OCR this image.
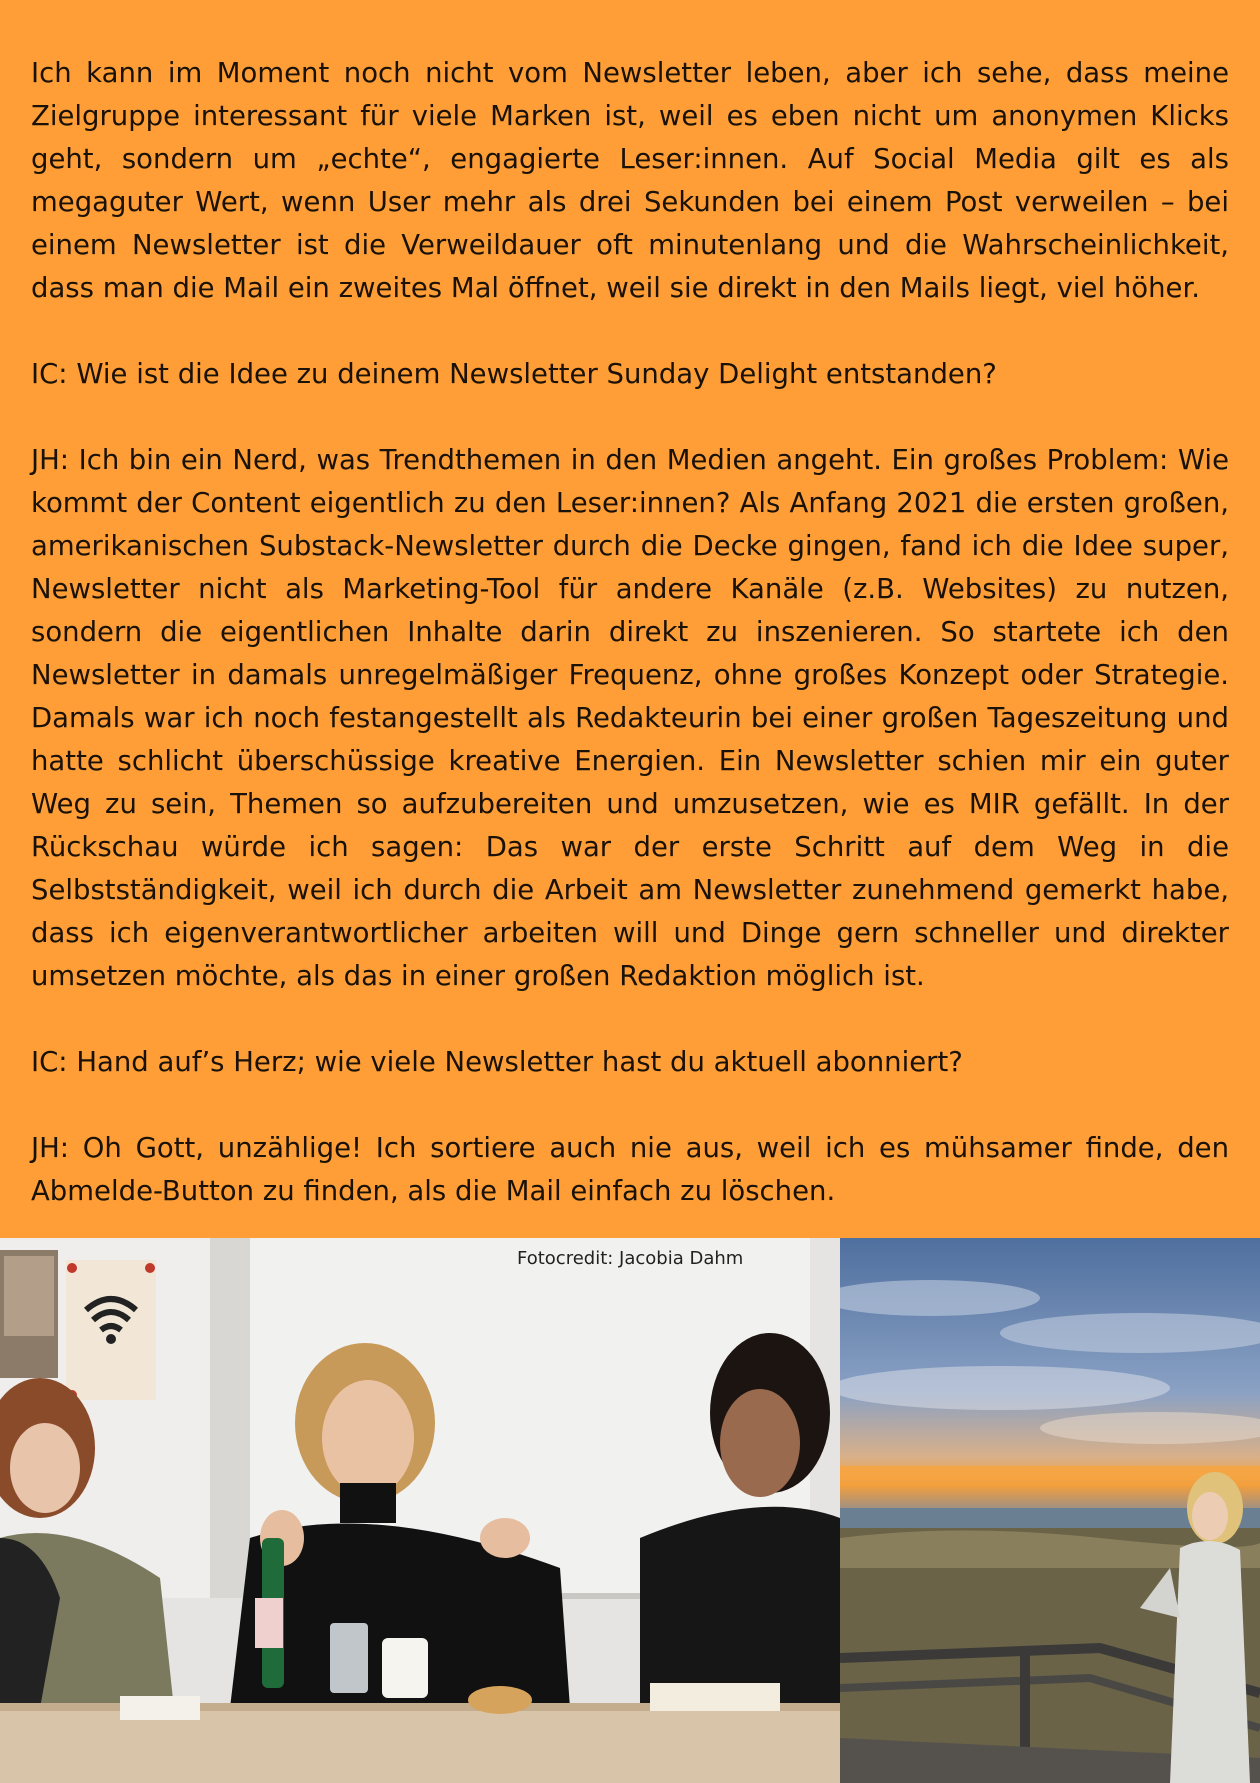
Ich kann im Moment noch nicht vom Newsletter leben, aber ich sehe, dass meine Zielgruppe interessant für viele Marken ist, weil es eben nicht um anonymen Klicks geht, sondern um „echte“, engagierte Leser:innen. Auf Social Media gilt es als megaguter Wert, wenn User mehr als drei Sekunden bei einem Post verweilen – bei einem Newsletter ist die Verweildauer oft minutenlang und die Wahrscheinlichkeit, dass man die Mail ein zweites Mal öffnet, weil sie direkt in den Mails liegt, viel höher.

IC: Wie ist die Idee zu deinem Newsletter Sunday Delight entstanden?

JH: Ich bin ein Nerd, was Trendthemen in den Medien angeht. Ein großes Problem: Wie kommt der Content eigentlich zu den Leser:innen? Als Anfang 2021 die ersten großen, amerikanischen Substack-Newsletter durch die Decke gingen, fand ich die Idee super, Newsletter nicht als Marketing-Tool für andere Kanäle (z.B. Websites) zu nutzen, sondern die eigentlichen Inhalte darin direkt zu inszenieren. So startete ich den Newsletter in damals unregelmäßiger Frequenz, ohne großes Konzept oder Strategie. Damals war ich noch festangestellt als Redakteurin bei einer großen Tageszeitung und hatte schlicht überschüssige kreative Energien. Ein Newsletter schien mir ein guter Weg zu sein, Themen so aufzubereiten und umzusetzen, wie es MIR gefällt. In der Rückschau würde ich sagen: Das war der erste Schritt auf dem Weg in die Selbstständigkeit, weil ich durch die Arbeit am Newsletter zunehmend gemerkt habe, dass ich eigenverantwortlicher arbeiten will und Dinge gern schneller und direkter umsetzen möchte, als das in einer großen Redaktion möglich ist.

IC: Hand auf’s Herz; wie viele Newsletter hast du aktuell abonniert?

JH: Oh Gott, unzählige! Ich sortiere auch nie aus, weil ich es mühsamer finde, den Abmelde-Button zu finden, als die Mail einfach zu löschen.

Fotocredit: Jacobia Dahm
